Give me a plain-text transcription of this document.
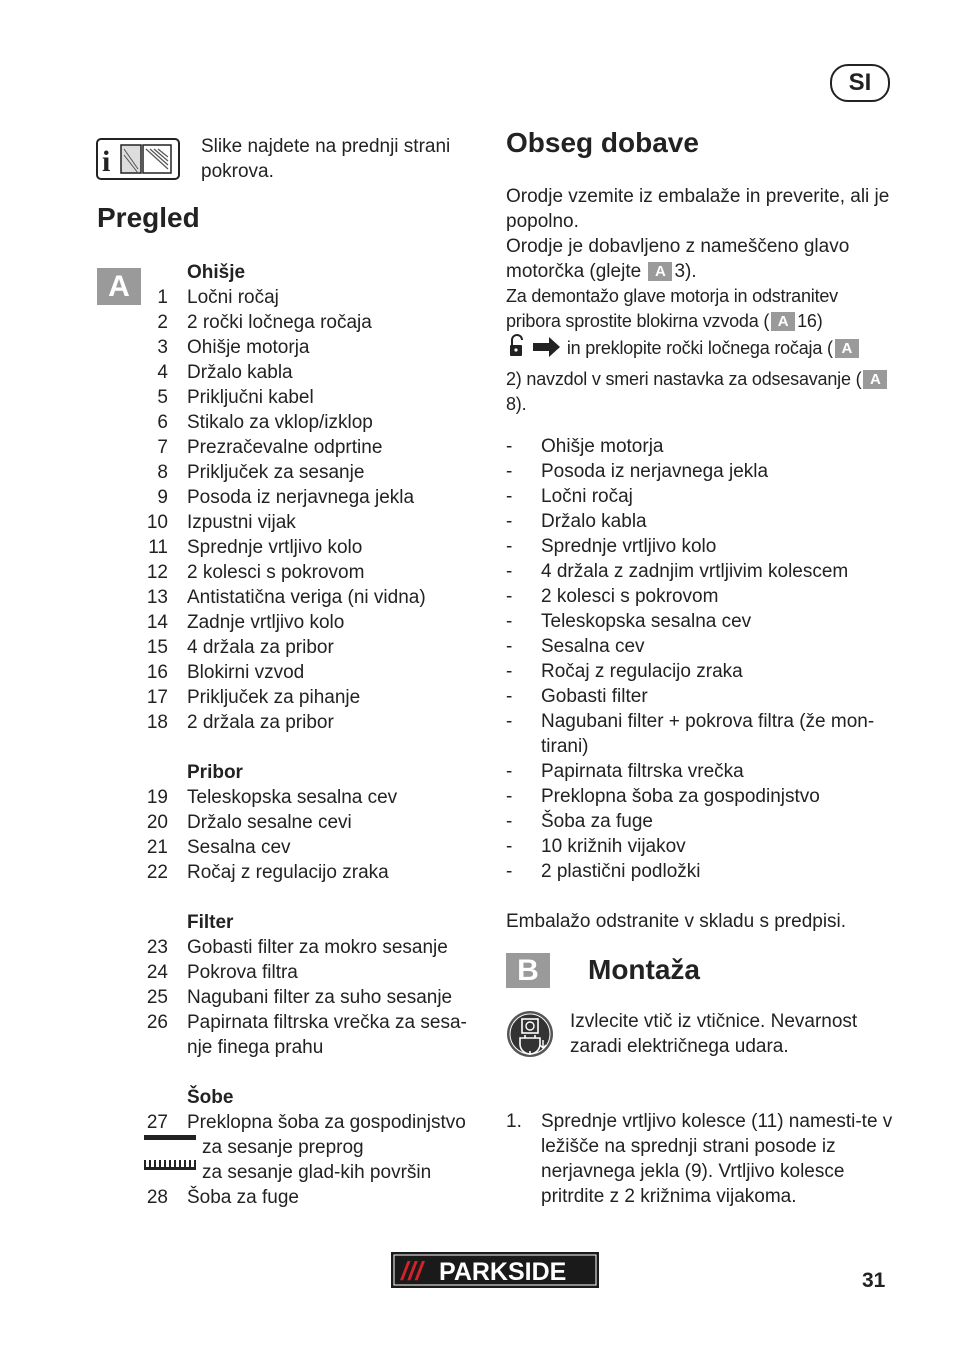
SI
i	Slike najdete na prednji strani pokrova.
Pregled
A	Ohišje
1 Ločni ročaj
2 2 ročki ločnega ročaja
3 Ohišje motorja
4 Držalo kabla
5 Priključni kabel
6 Stikalo za vklop/izklop
7 Prezračevalne odprtine
8 Priključek za sesanje
9 Posoda iz nerjavnega jekla
10 Izpustni vijak
11 Sprednje vrtljivo kolo
12 2 kolesci s pokrovom
13 Antistatična veriga (ni vidna)
14 Zadnje vrtljivo kolo
15 4 držala za pribor
16 Blokirni vzvod
17 Priključek za pihanje
18 2 držala za pribor
Pribor
19 Teleskopska sesalna cev
20 Držalo sesalne cevi
21 Sesalna cev
22 Ročaj z regulacijo zraka
Filter
23 Gobasti filter za mokro sesanje
24 Pokrova filtra
25 Nagubani filter za suho sesanje
26 Papirnata filtrska vrečka za sesa-
nje finega prahu
Šobe
27 Preklopna šoba za gospodinjstvo
za sesanje preprog
za sesanje glad-kih površin
28 Šoba za fuge
Obseg dobave

Orodje vzemite iz embalaže in preverite, ali je popolno.

Orodje je dobavljeno z nameščeno glavo motorčka (glejte A 3).

Za demontažo glave motorja in odstranitev pribora sprostite blokirna vzvoda ( A 16)
in preklopite ročki ločnega ročaja ( A
2) navzdol v smeri nastavka za odsesavanje ( A8).

-	Ohišje motorja
-	Posoda iz nerjavnega jekla
-	Ločni ročaj
-	Držalo kabla
-	Sprednje vrtljivo kolo
-	4 držala z zadnjim vrtljivim kolescem
-	2 kolesci s pokrovom
-	Teleskopska sesalna cev
-	Sesalna cev
-	Ročaj z regulacijo zraka
-	Gobasti filter
-	Nagubani filter + pokrova filtra (že mon-tirani)
-	Papirnata filtrska vrečka
-	Preklopna šoba za gospodinjstvo
-	Šoba za fuge
-	10 križnih vijakov
-	2 plastični podložki
Embalažo odstranite v skladu s predpisi.
B	Montaža
Izvlecite vtič iz vtičnice. Nevarnost zaradi električnega udara.
1.	Sprednje vrtljivo kolesce (11) namesti-te v ležišče na sprednji strani posode iz nerjavnega jekla (9). Vrtljivo kolesce pritrdite z 2 križnima vijakoma.
/// PARKSIDE	31
